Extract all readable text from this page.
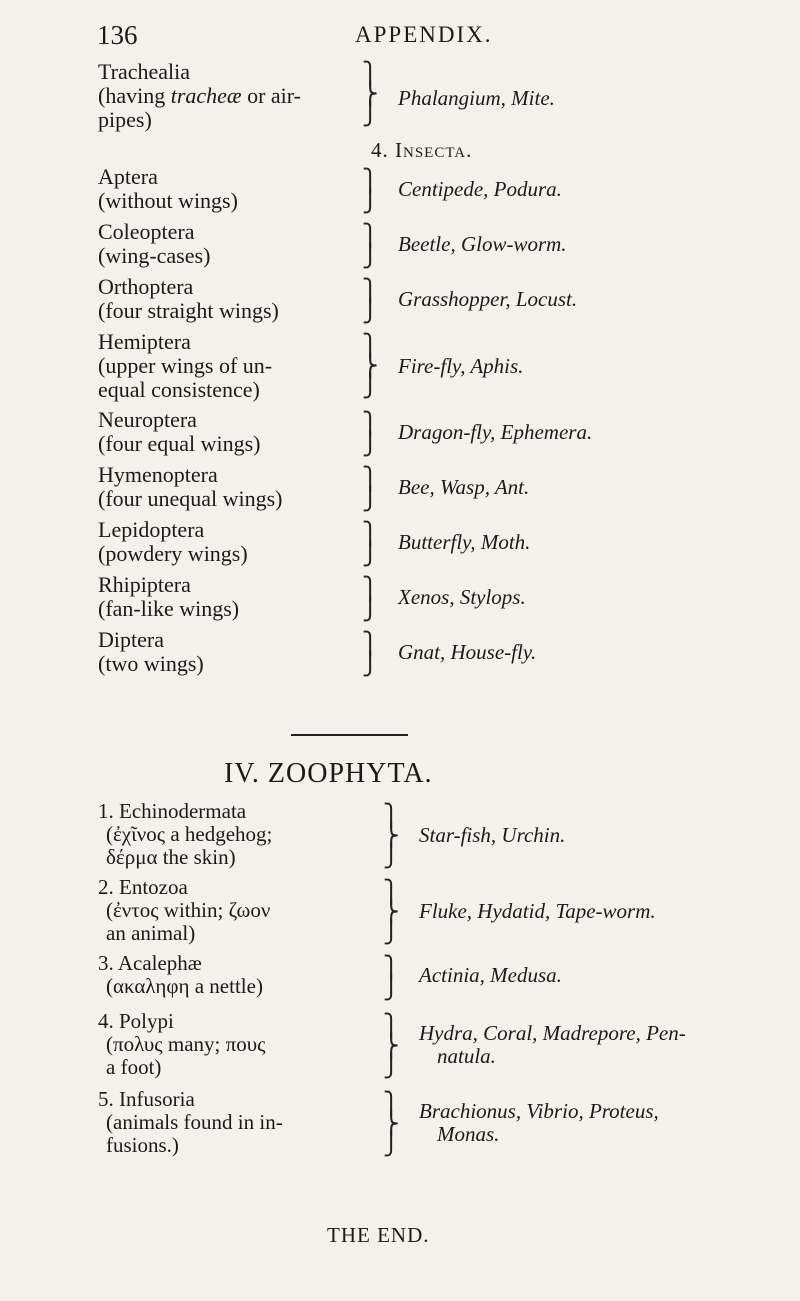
136	APPENDIX.
Trachealia
(having tracheæ or air-
pipes)
⎫
⎬
⎭
Phalangium, Mite.
4. Insecta.
Aptera
(without wings)
⎫
⎭ Centipede, Podura.
Coleoptera
(wing-cases)
⎫
⎭ Beetle, Glow-worm.
Orthoptera
(four straight wings)
⎫
⎭ Grasshopper, Locust.
Hemiptera
(upper wings of un-
equal consistence)
⎫
⎬
⎭
Fire-fly, Aphis.
Neuroptera
(four equal wings)
⎫
⎭ Dragon-fly, Ephemera.
Hymenoptera
(four unequal wings)
⎫
⎭ Bee, Wasp, Ant.
Lepidoptera
(powdery wings)
⎫
⎭ Butterfly, Moth.
Rhipiptera
(fan-like wings)
⎫
⎭ Xenos, Stylops.
Diptera
(two wings)
⎫
⎭ Gnat, House-fly.
IV. ZOOPHYTA.
1. Echinodermata
(ἐχῖνος a hedgehog;
δέρμα the skin)
⎫
⎬
⎭
Star-fish, Urchin.
2. Entozoa
(ἐντος within; ζωον
an animal)
⎫
⎬
⎭
Fluke, Hydatid, Tape-worm.
3. Acalephæ
(ακαληφη a nettle)
⎫
⎭ Actinia, Medusa.
4. Polypi
(πολυς many; πους
a foot)
⎫
⎬
⎭
Hydra, Coral, Madrepore, Pen-
natula.
5. Infusoria
(animals found in in-
fusions.)
⎫
⎬
⎭
Brachionus, Vibrio, Proteus,
Monas.
THE END.
